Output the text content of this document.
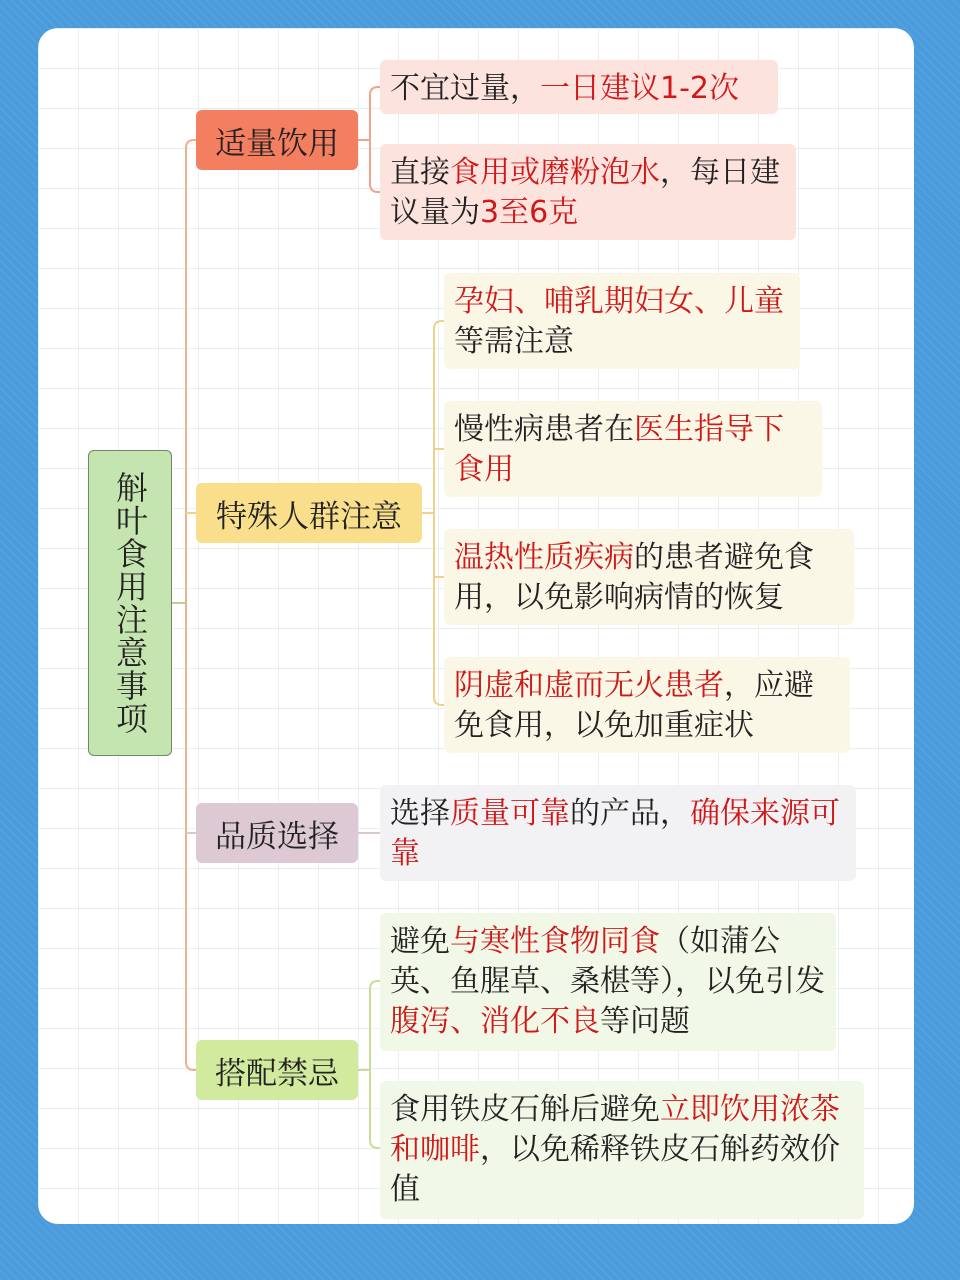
斛叶食用注意事项
适量饮用
特殊人群注意
品质选择
搭配禁忌
不宜过量，一日建议1-2次
直接食用或磨粉泡水，每日建议量为3至6克
孕妇、哺乳期妇女、儿童等需注意
慢性病患者在医生指导下食用
温热性质疾病的患者避免食用，以免影响病情的恢复
阴虚和虚而无火患者，应避免食用，以免加重症状
选择质量可靠的产品，确保来源可靠
避免与寒性食物同食（如蒲公英、鱼腥草、桑椹等），以免引发腹泻、消化不良等问题
食用铁皮石斛后避免立即饮用浓茶和咖啡，以免稀释铁皮石斛药效价值
